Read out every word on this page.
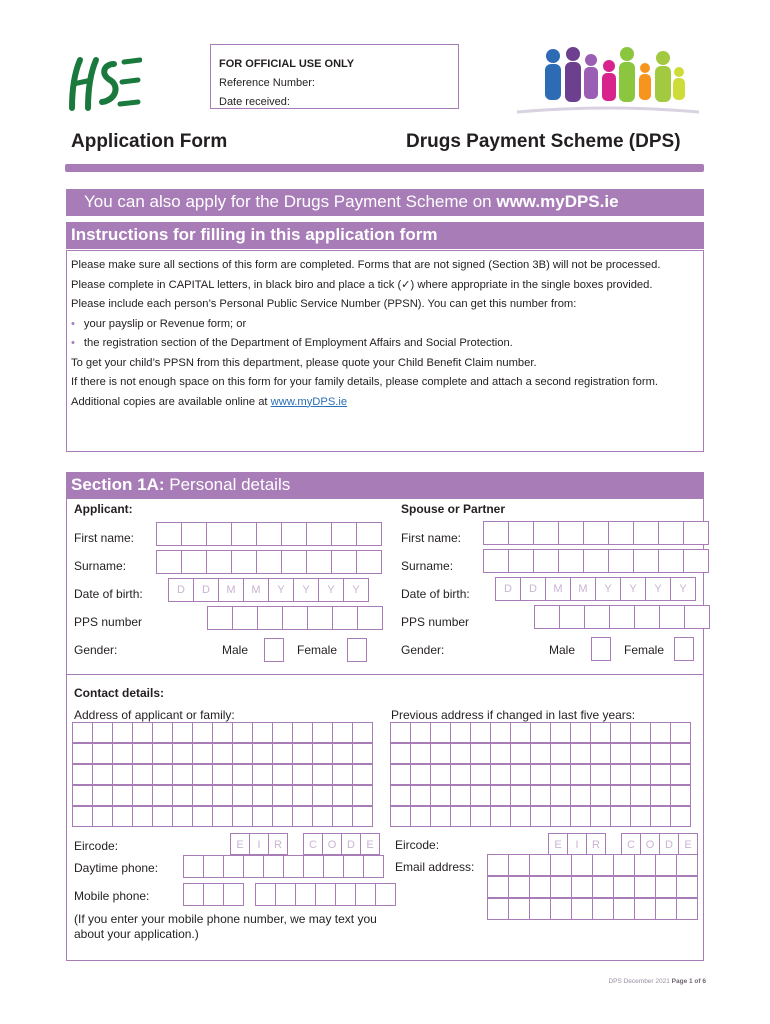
FOR OFFICIAL USE ONLY
Reference Number:
Date received:
Application Form	Drugs Payment Scheme (DPS)
You can also apply for the Drugs Payment Scheme on www.myDPS.ie
Instructions for filling in this application form

Please make sure all sections of this form are completed. Forms that are not signed (Section 3B) will not be processed.

Please complete in CAPITAL letters, in black biro and place a tick (✓) where appropriate in the single boxes provided.

Please include each person’s Personal Public Service Number (PPSN). You can get this number from:

• your payslip or Revenue form; or

• the registration section of the Department of Employment Affairs and Social Protection.

To get your child’s PPSN from this department, please quote your Child Benefit Claim number.

If there is not enough space on this form for your family details, please complete and attach a second registration form. Additional copies are available online at www.myDPS.ie

Section 1A: Personal details
Applicant:
First name:
Surname:
Date of birth:
PPS number
Gender:	Male	Female
Spouse or Partner
First name:
Surname:
Date of birth:
PPS number
Gender:	Male	Female
Contact details:
Address of applicant or family:	Previous address if changed in last five years:
Eircode:	Eircode:
Daytime phone:	Email address:
Mobile phone:
(If you enter your mobile phone number, we may text you about your application.)
DPS December 2021 Page 1 of 6
D	D	M	M	Y	Y	Y	Y	D	D	M	M	Y	Y	Y	Y
E	I	R	C O D	E	E	I	R	C O D	E
